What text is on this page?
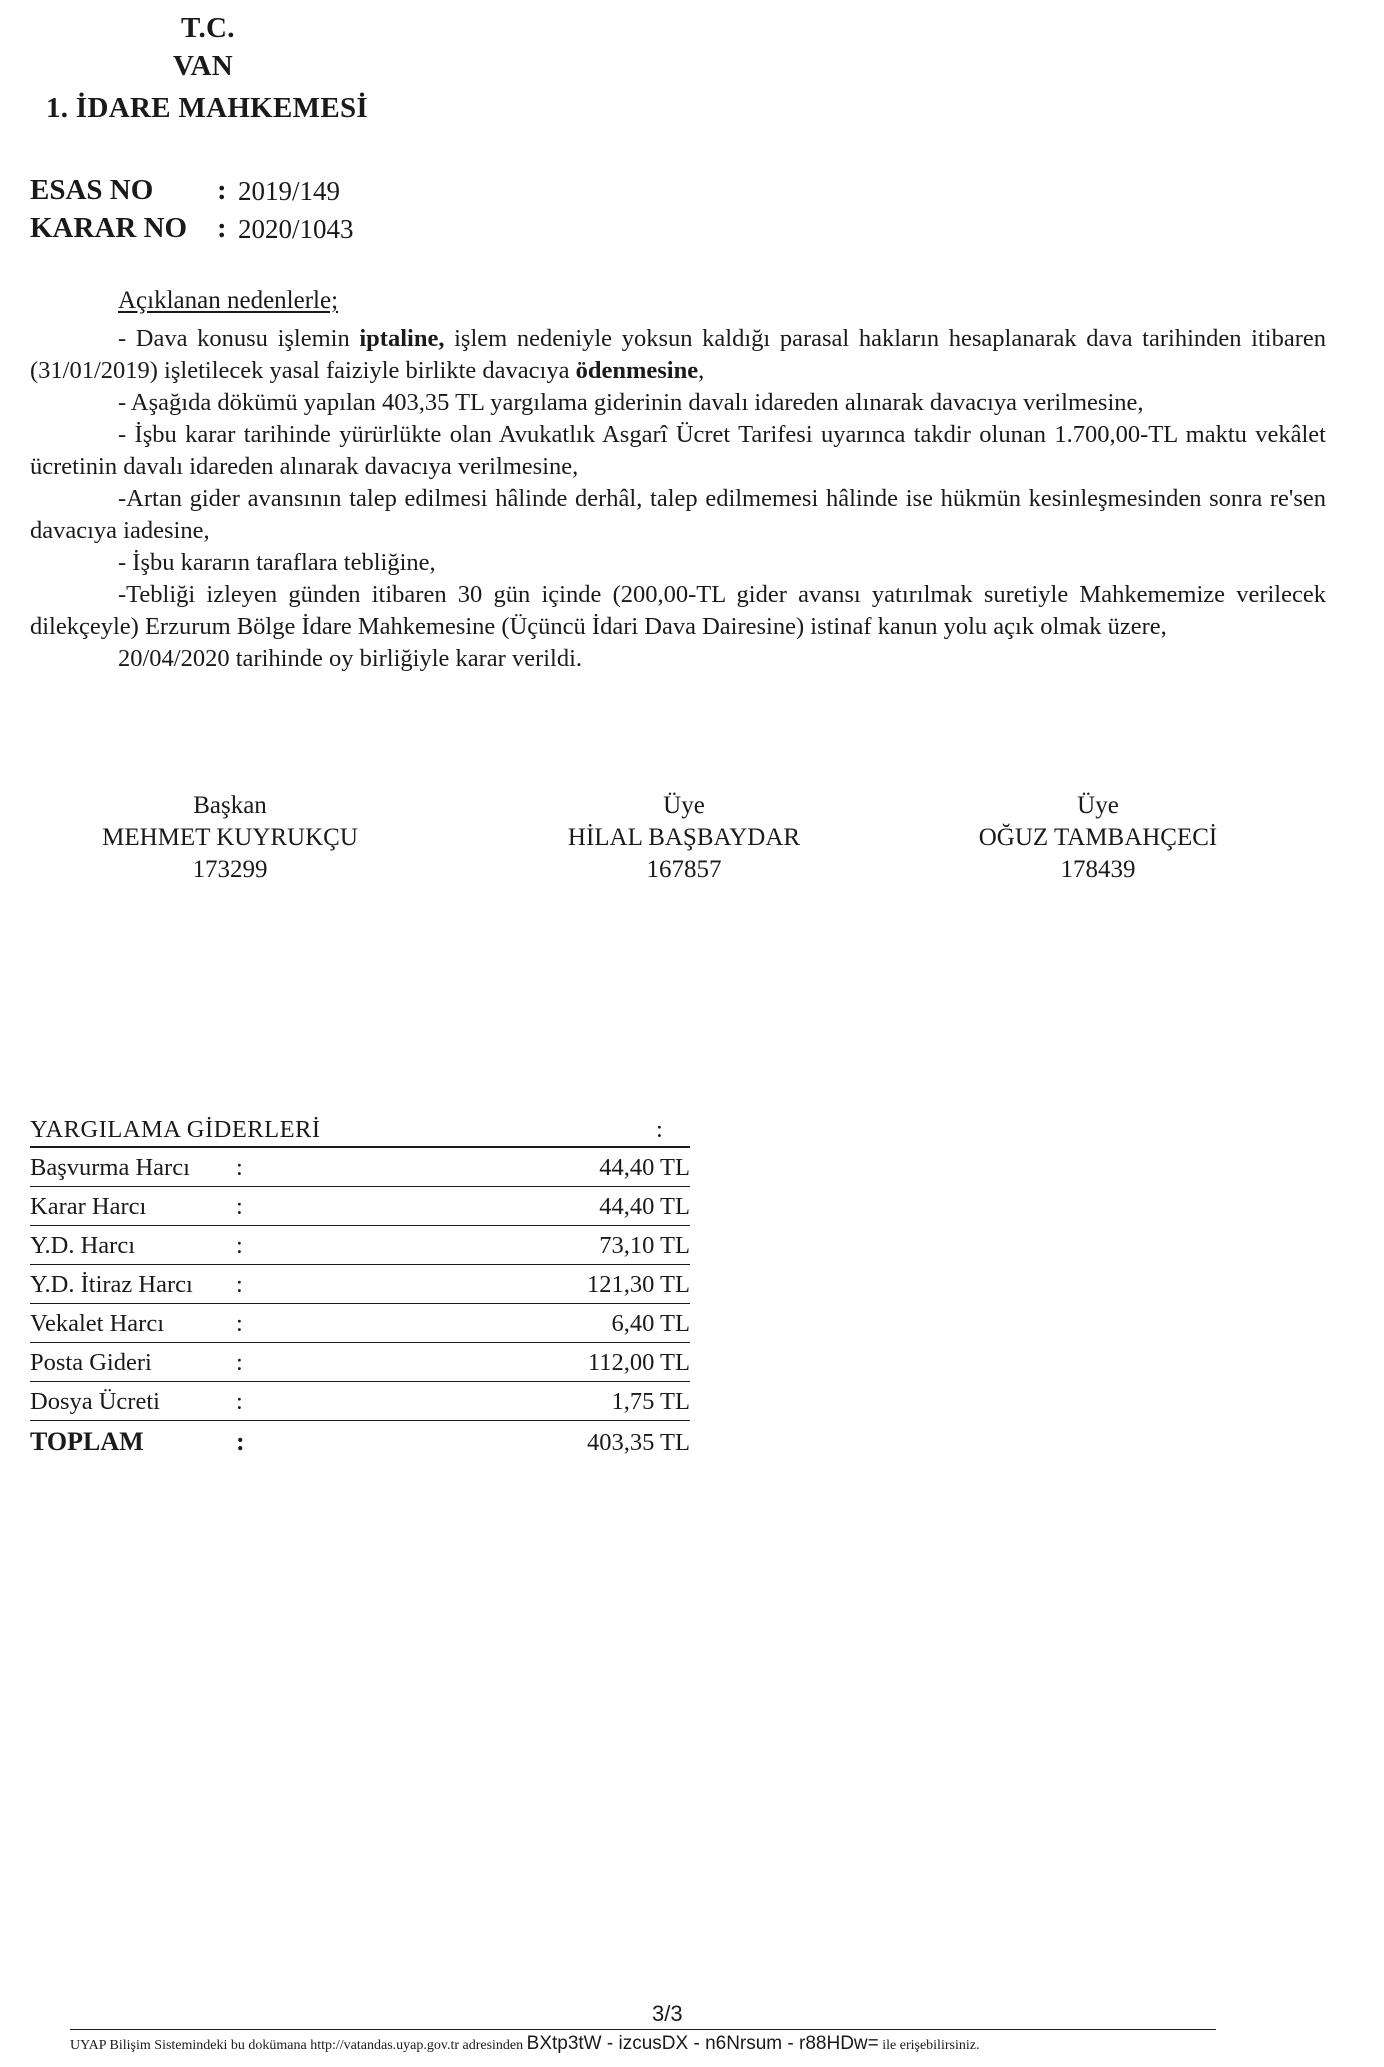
T.C.
VAN
1. İDARE MAHKEMESİ
ESAS NO : 2019/149
KARAR NO : 2020/1043
Açıklanan nedenlerle;

- Dava konusu işlemin iptaline, işlem nedeniyle yoksun kaldığı parasal hakların hesaplanarak dava tarihinden itibaren (31/01/2019) işletilecek yasal faiziyle birlikte davacıya ödenmesine,

- Aşağıda dökümü yapılan 403,35 TL yargılama giderinin davalı idareden alınarak davacıya verilmesine,

- İşbu karar tarihinde yürürlükte olan Avukatlık Asgarî Ücret Tarifesi uyarınca takdir olunan 1.700,00-TL maktu vekâlet ücretinin davalı idareden alınarak davacıya verilmesine,

-Artan gider avansının talep edilmesi hâlinde derhâl, talep edilmemesi hâlinde ise hükmün kesinleşmesinden sonra re'sen davacıya iadesine,

- İşbu kararın taraflara tebliğine,

-Tebliği izleyen günden itibaren 30 gün içinde (200,00-TL gider avansı yatırılmak suretiyle Mahkememize verilecek dilekçeyle) Erzurum Bölge İdare Mahkemesine (Üçüncü İdari Dava Dairesine) istinaf kanun yolu açık olmak üzere,

20/04/2020 tarihinde oy birliğiyle karar verildi.

Başkan
MEHMET KUYRUKÇU
173299
Üye
HİLAL BAŞBAYDAR
167857
Üye
OĞUZ TAMBAHÇECİ
178439
YARGILAMA GİDERLERİ	:
Başvurma Harcı :	44,40 TL
Karar Harcı	:	44,40 TL
Y.D. Harcı	:	73,10 TL
Y.D. İtiraz Harcı :	121,30 TL
Vekalet Harcı	:	6,40 TL
Posta Gideri	:	112,00 TL
Dosya Ücreti	:	1,75 TL
TOPLAM	:	403,35 TL
3/3
UYAP Bilişim Sistemindeki bu dokümana http://vatandas.uyap.gov.tr adresinden BXtp3tW - izcusDX - n6Nrsum - r88HDw= ile erişebilirsiniz.
